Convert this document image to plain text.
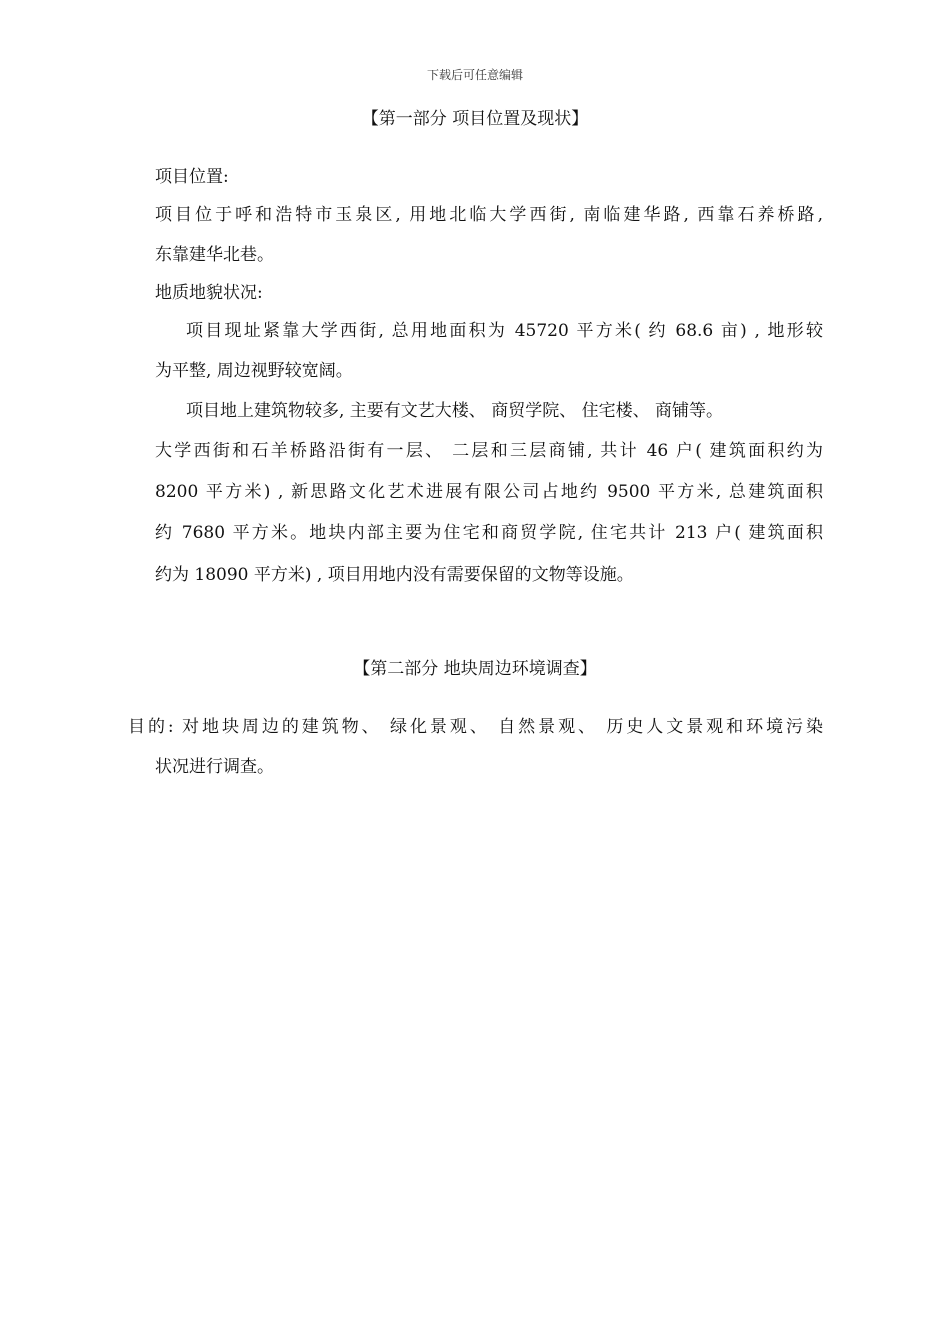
下载后可任意编辑
【第一部分 项目位置及现状】
项目位置:
项目位于呼和浩特市玉泉区, 用地北临大学西街, 南临建华路, 西靠石养桥路,
东靠建华北巷。
地质地貌状况:
项目现址紧靠大学西街, 总用地面积为 45720 平方米( 约 68.6 亩) , 地形较
为平整, 周边视野较宽阔。
项目地上建筑物较多, 主要有文艺大楼、 商贸学院、 住宅楼、 商铺等。
大学西街和石羊桥路沿街有一层、 二层和三层商铺, 共计 46 户( 建筑面积约为
8200 平方米) , 新思路文化艺术进展有限公司占地约 9500 平方米, 总建筑面积
约 7680 平方米。地块内部主要为住宅和商贸学院, 住宅共计 213 户( 建筑面积
约为 18090 平方米) , 项目用地内没有需要保留的文物等设施。
【第二部分 地块周边环境调查】
目的: 对地块周边的建筑物、 绿化景观、 自然景观、 历史人文景观和环境污染
状况进行调查。
